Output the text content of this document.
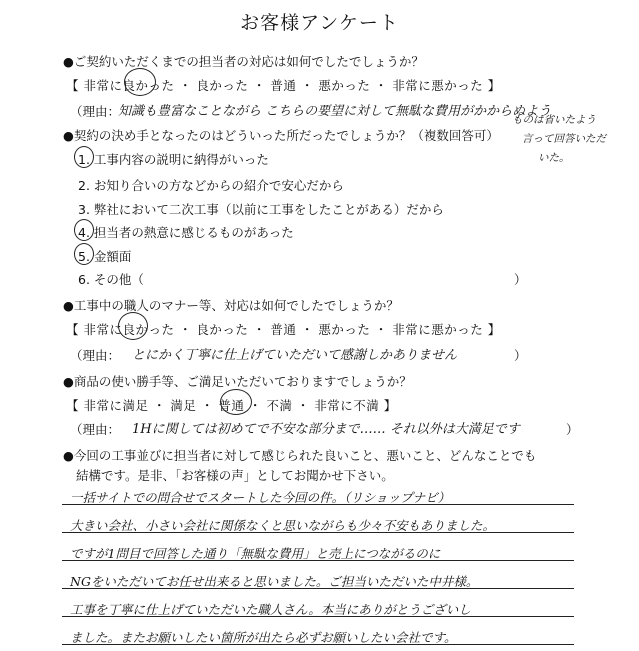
お客様アンケート
●ご契約いただくまでの担当者の対応は如何でしたでしょうか？
【 非常に良かった ・ 良かった ・ 普通 ・ 悪かった ・ 非常に悪かった 】
（理由：
知識も豊富なことながら こちらの要望に対して無駄な費用がかからぬよう
ものは省いたよう
言って回答いただ
いた。
●契約の決め手となったのはどういった所だったでしょうか？（複数回答可）
1. 工事内容の説明に納得がいった
2. お知り合いの方などからの紹介で安心だから
3. 弊社において二次工事（以前に工事をしたことがある）だから
4. 担当者の熱意に感じるものがあった
5. 金額面
6. その他（	）
●工事中の職人のマナー等、対応は如何でしたでしょうか？
【 非常に良かった ・ 良かった ・ 普通 ・ 悪かった ・ 非常に悪かった 】
（理由： とにかく丁寧に仕上げていただいて感謝しかありません	）
●商品の使い勝手等、ご満足いただいておりますでしょうか？
【 非常に満足 ・ 満足 ・ 普通 ・ 不満 ・ 非常に不満 】
（理由： 1Hに関しては初めてで不安な部分まで…… それ以外は大満足です	）
●今回の工事並びに担当者に対して感じられた良いこと、悪いこと、どんなことでも
結構です。是非、「お客様の声」としてお聞かせ下さい。
一括サイトでの問合せでスタートした今回の件。（リショップナビ）
大きい会社、小さい会社に関係なくと思いながらも少々不安もありました。
ですが1問目で回答した通り「無駄な費用」と売上につながるのに
NGをいただいてお任せ出来ると思いました。ご担当いただいた中井様。
工事を丁寧に仕上げていただいた職人さん。本当にありがとうございし
ました。またお願いしたい箇所が出たら必ずお願いしたい会社です。
